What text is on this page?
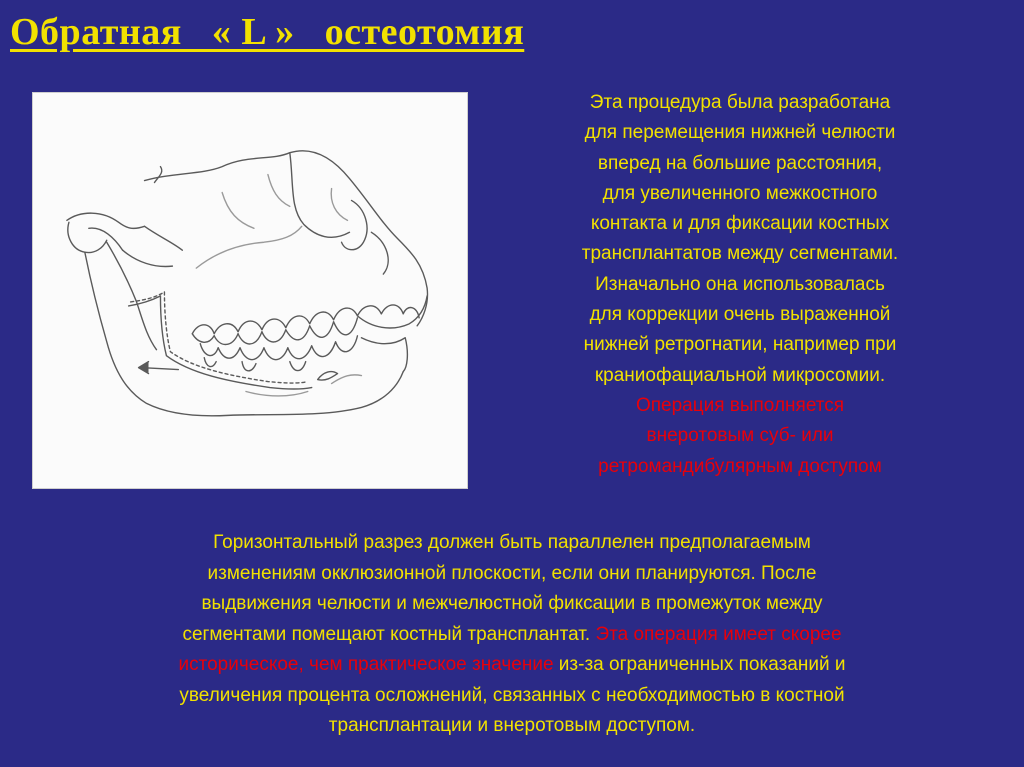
Обратная   « L »   остеотомия
Эта процедура была разработана
для перемещения нижней челюсти
вперед на большие расстояния,
для увеличенного межкостного
контакта и для фиксации костных
трансплантатов между сегментами.
Изначально она использовалась
для коррекции очень выраженной
нижней ретрогнатии, например при
краниофациальной микросомии.
Операция выполняется
внеротовым суб- или
ретромандибулярным доступом
Горизонтальный разрез должен быть параллелен предполагаемым
изменениям окклюзионной плоскости, если они планируются. После
выдвижения челюсти и межчелюстной фиксации в промежуток между
сегментами помещают костный трансплантат. Эта операция имеет скорее
историческое, чем практическое значение из-за ограниченных показаний и
увеличения процента осложнений, связанных с необходимостью в костной
трансплантации и внеротовым доступом.
